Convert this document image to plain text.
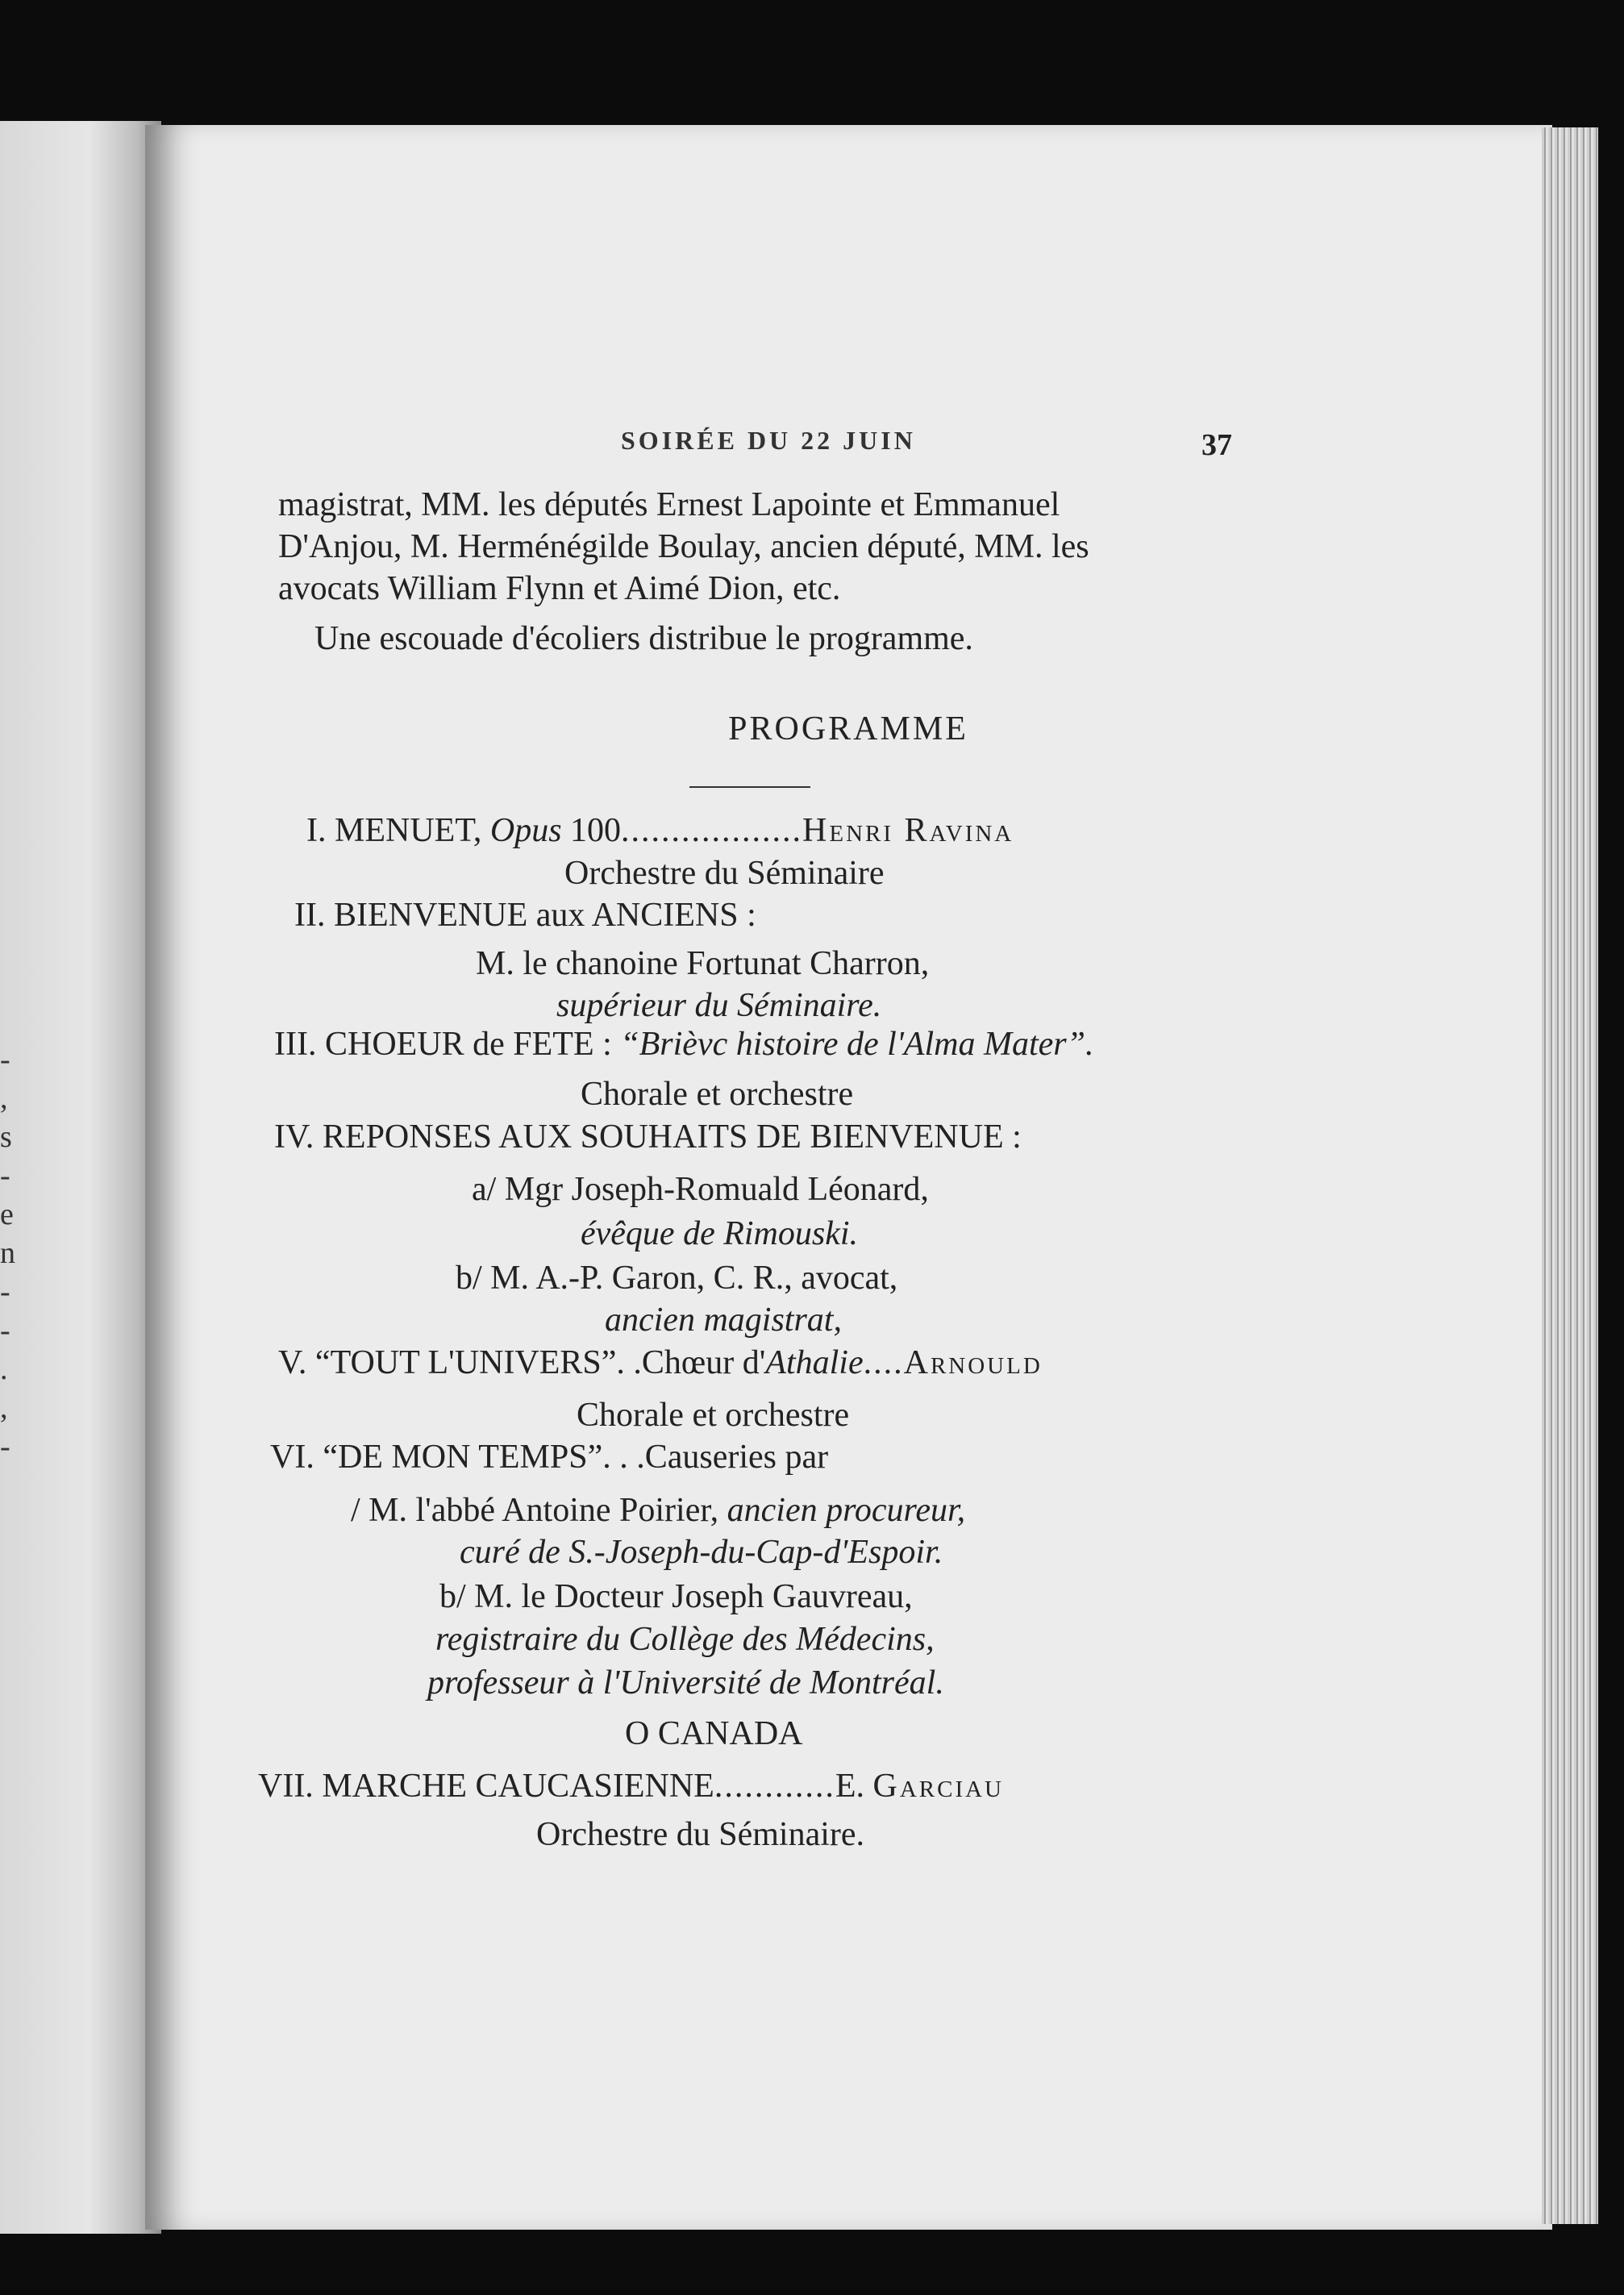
-
,
s
-
e
n
-
-
.
,
-
SOIRÉE DU 22 JUIN	37
magistrat, MM. les députés Ernest Lapointe et Emmanuel
D'Anjou, M. Herménégilde Boulay, ancien député, MM. les
avocats William Flynn et Aimé Dion, etc.
Une escouade d'écoliers distribue le programme.
PROGRAMME
I. MENUET, Opus 100..................Henri Ravina
Orchestre du Séminaire
II. BIENVENUE aux ANCIENS :
M. le chanoine Fortunat Charron,
supérieur du Séminaire.
III. CHOEUR de FETE : “Brièvc histoire de l'Alma Mater”.
Chorale et orchestre
IV. REPONSES AUX SOUHAITS DE BIENVENUE :
a/ Mgr Joseph-Romuald Léonard,
évêque de Rimouski.
b/ M. A.-P. Garon, C. R., avocat,
ancien magistrat,
V. “TOUT L'UNIVERS”. .Chœur d'Athalie....Arnould
Chorale et orchestre
VI. “DE MON TEMPS”. . .Causeries par
/ M. l'abbé Antoine Poirier, ancien procureur,
curé de S.-Joseph-du-Cap-d'Espoir.
b/ M. le Docteur Joseph Gauvreau,
registraire du Collège des Médecins,
professeur à l'Université de Montréal.
O CANADA
VII. MARCHE CAUCASIENNE............E. Garciau
Orchestre du Séminaire.
